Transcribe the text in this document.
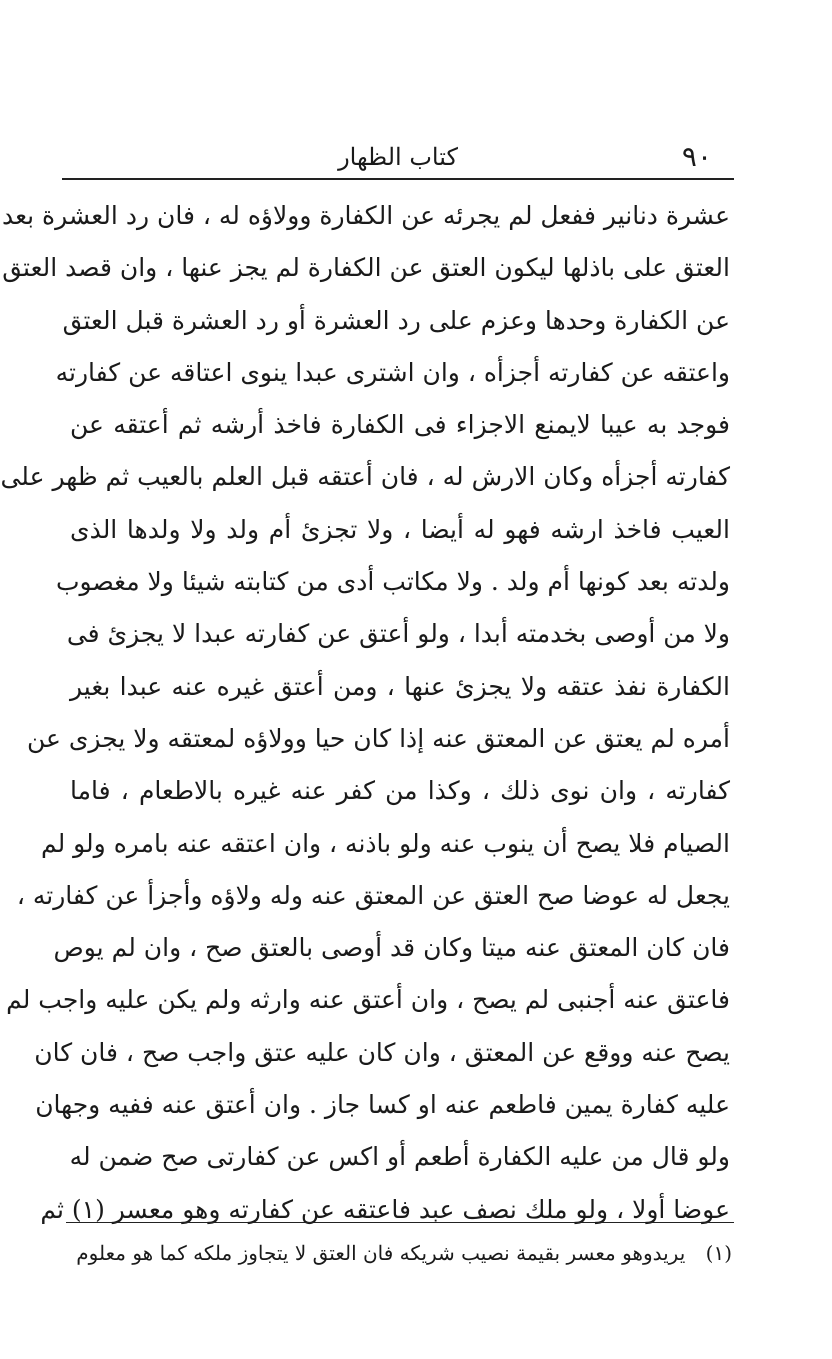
٩٠
كتاب الظهار
عشرة دنانير ففعل لم يجرئه عن الكفارة وولاؤه له ، فان رد العشرة بعد
العتق على باذلها ليكون العتق عن الكفارة لم يجز عنها ، وان قصد العتق
عن الكفارة وحدها وعزم على رد العشرة أو رد العشرة قبل العتق
واعتقه عن كفارته أجزأه ، وان اشترى عبدا ينوى اعتاقه عن كفارته
فوجد به عيبا لايمنع الاجزاء فى الكفارة فاخذ أرشه ثم أعتقه عن
كفارته أجزأه وكان الارش له ، فان أعتقه قبل العلم بالعيب ثم ظهر على
العيب فاخذ ارشه فهو له أيضا ، ولا تجزئ أم ولد ولا ولدها الذى
ولدته بعد كونها أم ولد . ولا مكاتب أدى من كتابته شيئا ولا مغصوب
ولا من أوصى بخدمته أبدا ، ولو أعتق عن كفارته عبدا لا يجزئ فى
الكفارة نفذ عتقه ولا يجزئ عنها ، ومن أعتق غيره عنه عبدا بغير
أمره لم يعتق عن المعتق عنه إذا كان حيا وولاؤه لمعتقه ولا يجزى عن
كفارته ، وان نوى ذلك ، وكذا من كفر عنه غيره بالاطعام ، فاما
الصيام فلا يصح أن ينوب عنه ولو باذنه ، وان اعتقه عنه بامره ولو لم
يجعل له عوضا صح العتق عن المعتق عنه وله ولاؤه وأجزأ عن كفارته ،
فان كان المعتق عنه ميتا وكان قد أوصى بالعتق صح ، وان لم يوص
فاعتق عنه أجنبى لم يصح ، وان أعتق عنه وارثه ولم يكن عليه واجب لم
يصح عنه ووقع عن المعتق ، وان كان عليه عتق واجب صح ، فان كان
عليه كفارة يمين فاطعم عنه او كسا جاز . وان أعتق عنه ففيه وجهان
ولو قال من عليه الكفارة أطعم أو اكس عن كفارتى صح ضمن له
عوضا أولا ، ولو ملك نصف عبد فاعتقه عن كفارته وهو معسر (١) ثم
(١) يريدوهو معسر بقيمة نصيب شريكه فان العتق لا يتجاوز ملكه كما هو معلوم
